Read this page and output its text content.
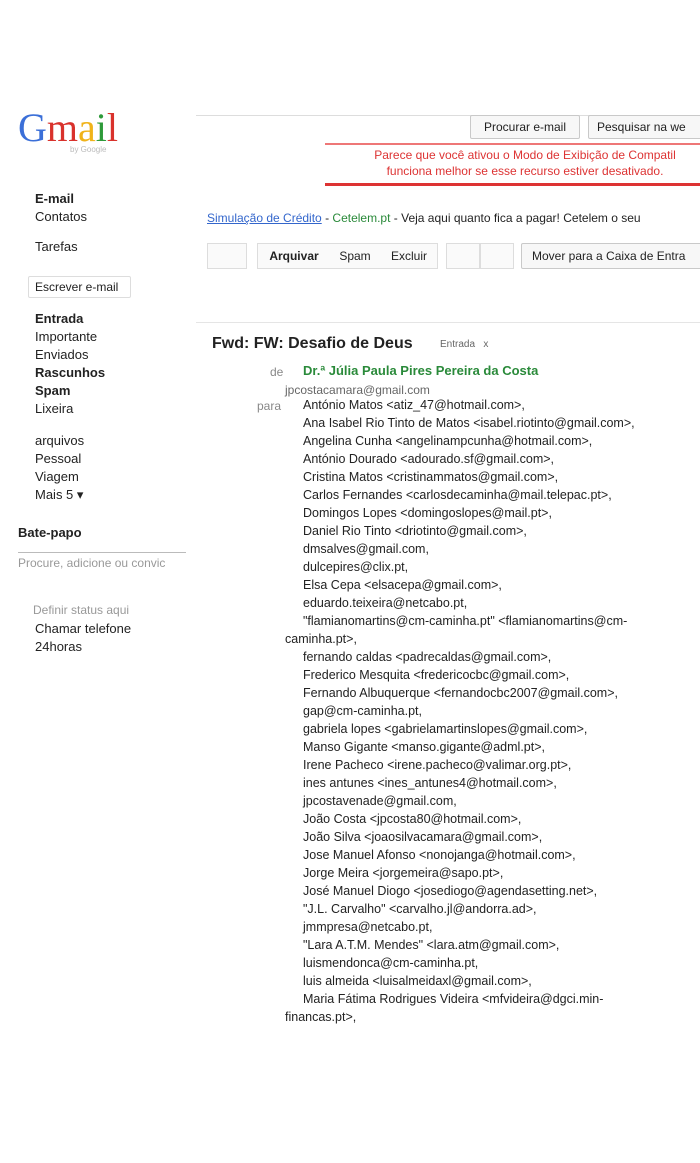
Gmail
by Google
Procurar e-mail	Pesquisar na we
Parece que você ativou o Modo de Exibição de Compatil
funciona melhor se esse recurso estiver desativado.
E-mail
Contatos
Tarefas
Escrever e-mail
Entrada
Importante
Enviados
Rascunhos
Spam
Lixeira
arquivos
Pessoal
Viagem
Mais 5 ▾
Bate-papo
Procure, adicione ou convic
Definir status aqui
Chamar telefone
24horas
Simulação de Crédito - Cetelem.pt - Veja aqui quanto fica a pagar! Cetelem o seu
Arquivar	Spam	Excluir	Mover para a Caixa de Entra
Fwd: FW: Desafio de Deus	Entrada x
de Dr.ª Júlia Paula Pires Pereira da Costa
jpcostacamara@gmail.com
para António Matos <atiz_47@hotmail.com>,
Ana Isabel Rio Tinto de Matos <isabel.riotinto@gmail.com>,
Angelina Cunha <angelinampcunha@hotmail.com>,
António Dourado <adourado.sf@gmail.com>,
Cristina Matos <cristinammatos@gmail.com>,
Carlos Fernandes <carlosdecaminha@mail.telepac.pt>,
Domingos Lopes <domingoslopes@mail.pt>,
Daniel Rio Tinto <driotinto@gmail.com>,
dmsalves@gmail.com,
dulcepires@clix.pt,
Elsa Cepa <elsacepa@gmail.com>,
eduardo.teixeira@netcabo.pt,
"flamianomartins@cm-caminha.pt" <flamianomartins@cm-
caminha.pt>,
fernando caldas <padrecaldas@gmail.com>,
Frederico Mesquita <fredericocbc@gmail.com>,
Fernando Albuquerque <fernandocbc2007@gmail.com>,
gap@cm-caminha.pt,
gabriela lopes <gabrielamartinslopes@gmail.com>,
Manso Gigante <manso.gigante@adml.pt>,
Irene Pacheco <irene.pacheco@valimar.org.pt>,
ines antunes <ines_antunes4@hotmail.com>,
jpcostavenade@gmail.com,
João Costa <jpcosta80@hotmail.com>,
João Silva <joaosilvacamara@gmail.com>,
Jose Manuel Afonso <nonojanga@hotmail.com>,
Jorge Meira <jorgemeira@sapo.pt>,
José Manuel Diogo <josediogo@agendasetting.net>,
"J.L. Carvalho" <carvalho.jl@andorra.ad>,
jmmpresa@netcabo.pt,
"Lara A.T.M. Mendes" <lara.atm@gmail.com>,
luismendonca@cm-caminha.pt,
luis almeida <luisalmeidaxl@gmail.com>,
Maria Fátima Rodrigues Videira <mfvideira@dgci.min-
financas.pt>,
